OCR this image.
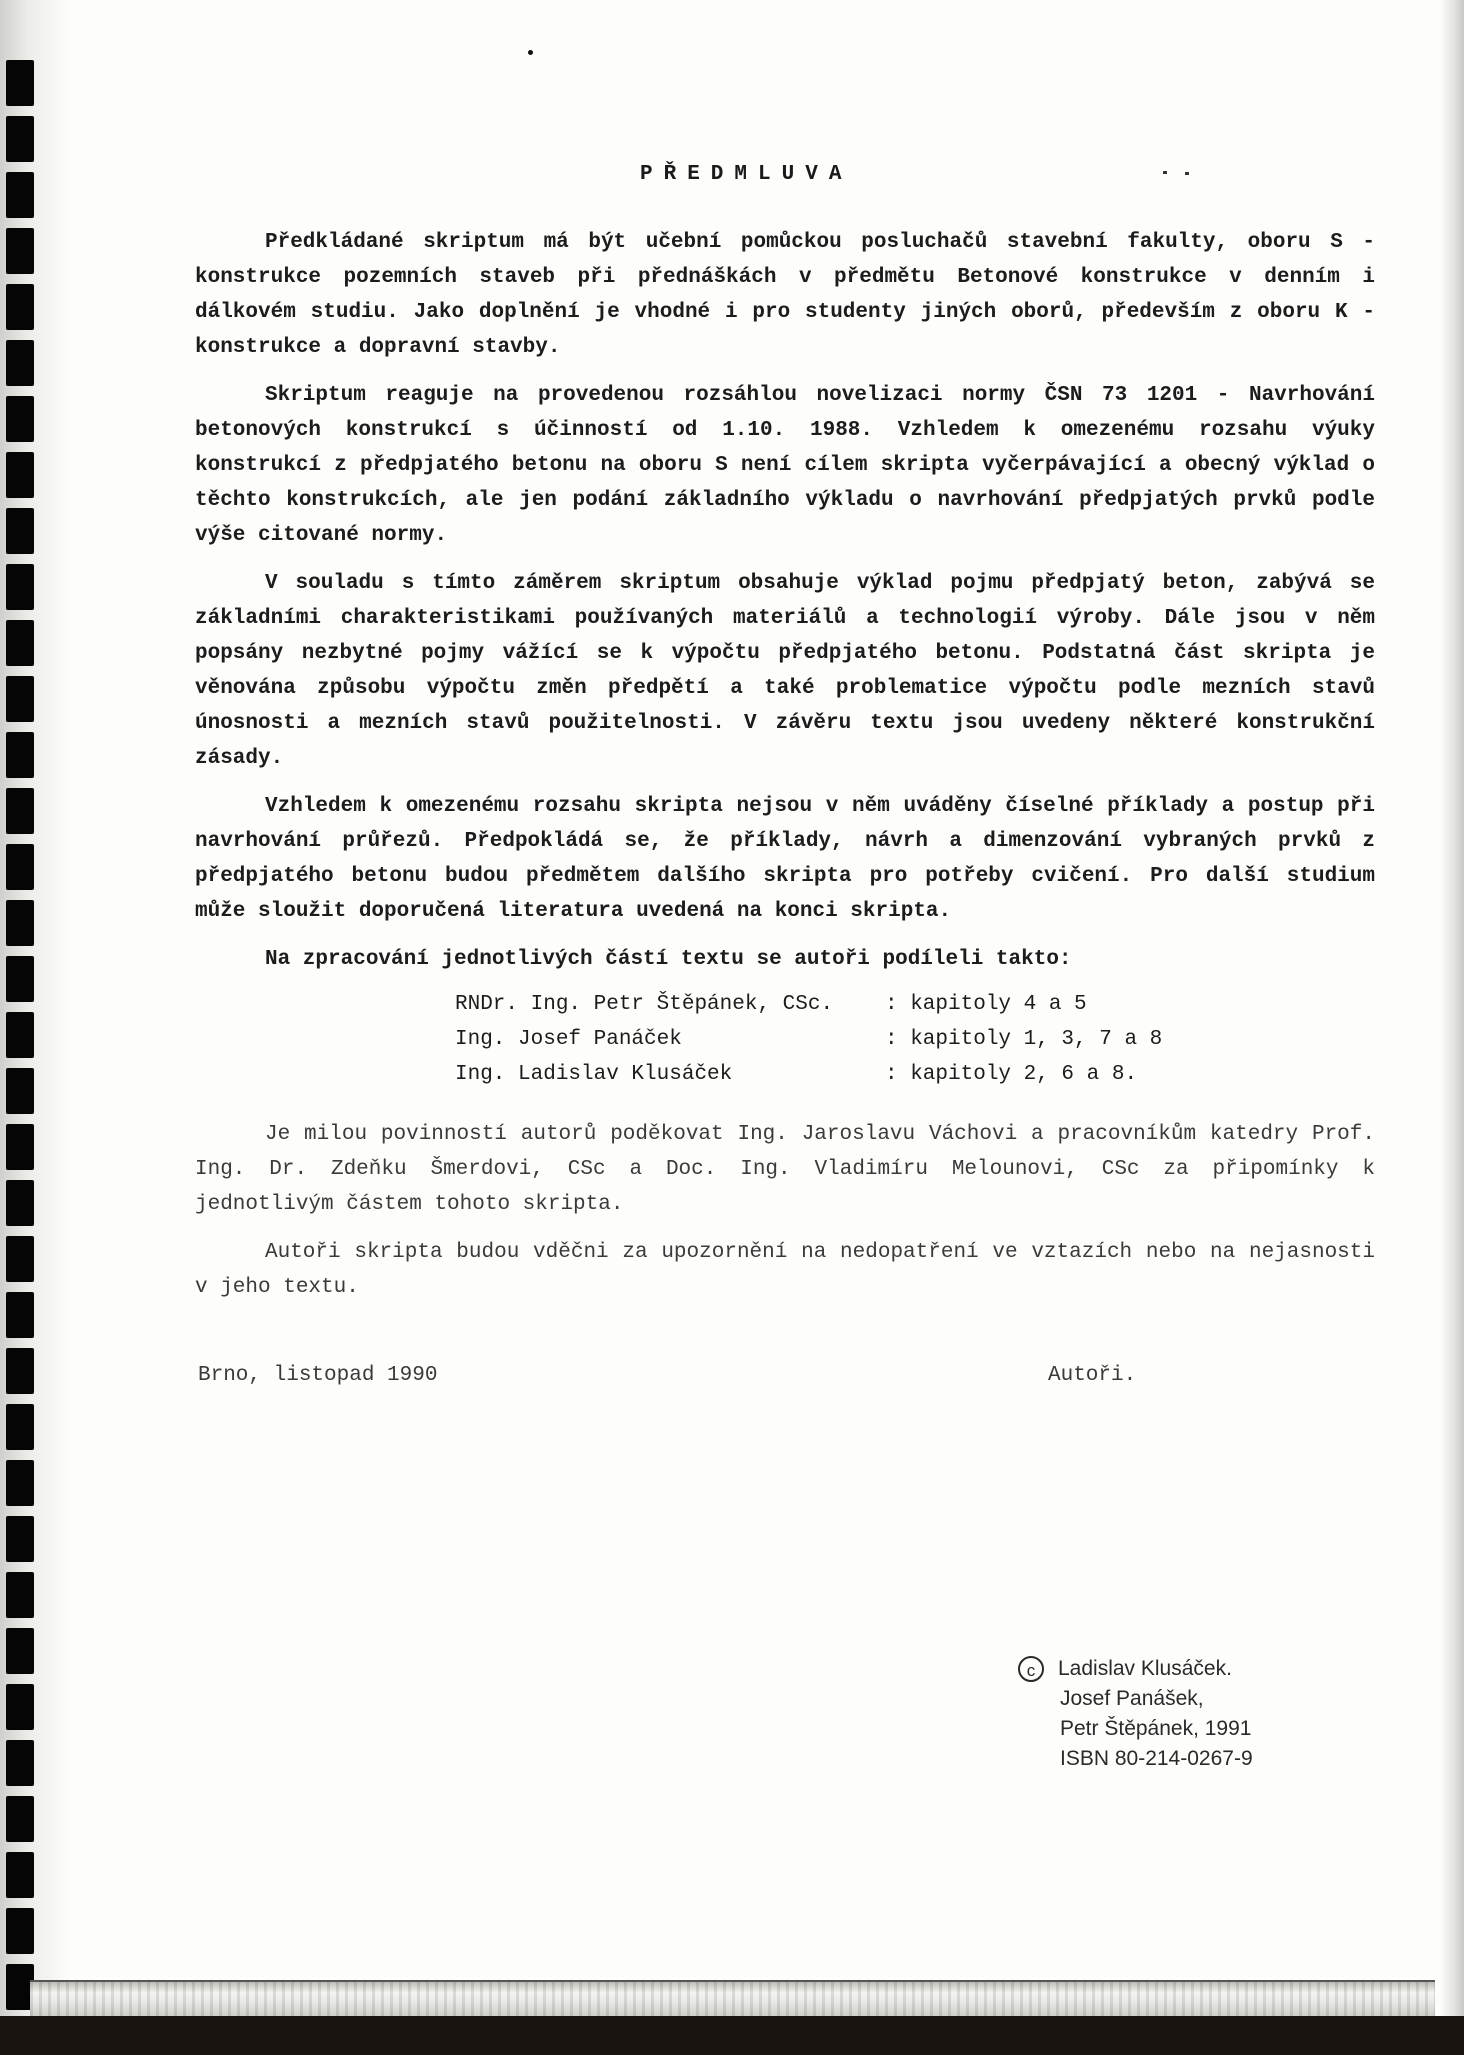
PŘEDMLUVA

Předkládané skriptum má být učební pomůckou posluchačů stavební fakulty, oboru S - konstrukce pozemních staveb při přednáškách v předmětu Betonové konstrukce v denním i dálkovém studiu. Jako doplnění je vhodné i pro studenty jiných oborů, především z oboru K - konstrukce a dopravní stavby.

Skriptum reaguje na provedenou rozsáhlou novelizaci normy ČSN 73 1201 - Navrhování betonových konstrukcí s účinností od 1.10. 1988. Vzhledem k omezenému rozsahu výuky konstrukcí z předpjatého betonu na oboru S není cílem skripta vyčerpávající a obecný výklad o těchto konstrukcích, ale jen podání základního výkladu o navrhování předpjatých prvků podle výše citované normy.

V souladu s tímto záměrem skriptum obsahuje výklad pojmu předpjatý beton, zabývá se základními charakteristikami používaných materiálů a technologií výroby. Dále jsou v něm popsány nezbytné pojmy vážící se k výpočtu předpjatého betonu. Podstatná část skripta je věnována způsobu výpočtu změn předpětí a také problematice výpočtu podle mezních stavů únosnosti a mezních stavů použitelnosti. V závěru textu jsou uvedeny některé konstrukční zásady.

Vzhledem k omezenému rozsahu skripta nejsou v něm uváděny číselné příklady a postup při navrhování průřezů. Předpokládá se, že příklady, návrh a dimenzování vybraných prvků z předpjatého betonu budou předmětem dalšího skripta pro potřeby cvičení. Pro další studium může sloužit doporučená literatura uvedená na konci skripta.

Na zpracování jednotlivých částí textu se autoři podíleli takto:

RNDr. Ing. Petr Štěpánek, CSc.	: kapitoly 4 a 5
Ing. Josef Panáček	: kapitoly 1, 3, 7 a 8
Ing. Ladislav Klusáček	: kapitoly 2, 6 a 8.

Je milou povinností autorů poděkovat Ing. Jaroslavu Váchovi a pracovníkům katedry Prof. Ing. Dr. Zdeňku Šmerdovi, CSc a Doc. Ing. Vladimíru Melounovi, CSc za připomínky k jednotlivým částem tohoto skripta.

Autoři skripta budou vděčni za upozornění na nedopatření ve vztazích nebo na nejasnosti v jeho textu.

Brno, listopad 1990	Autoři.
c	Ladislav Klusáček.
Josef Panášek,
Petr Štěpánek, 1991
ISBN 80-214-0267-9
